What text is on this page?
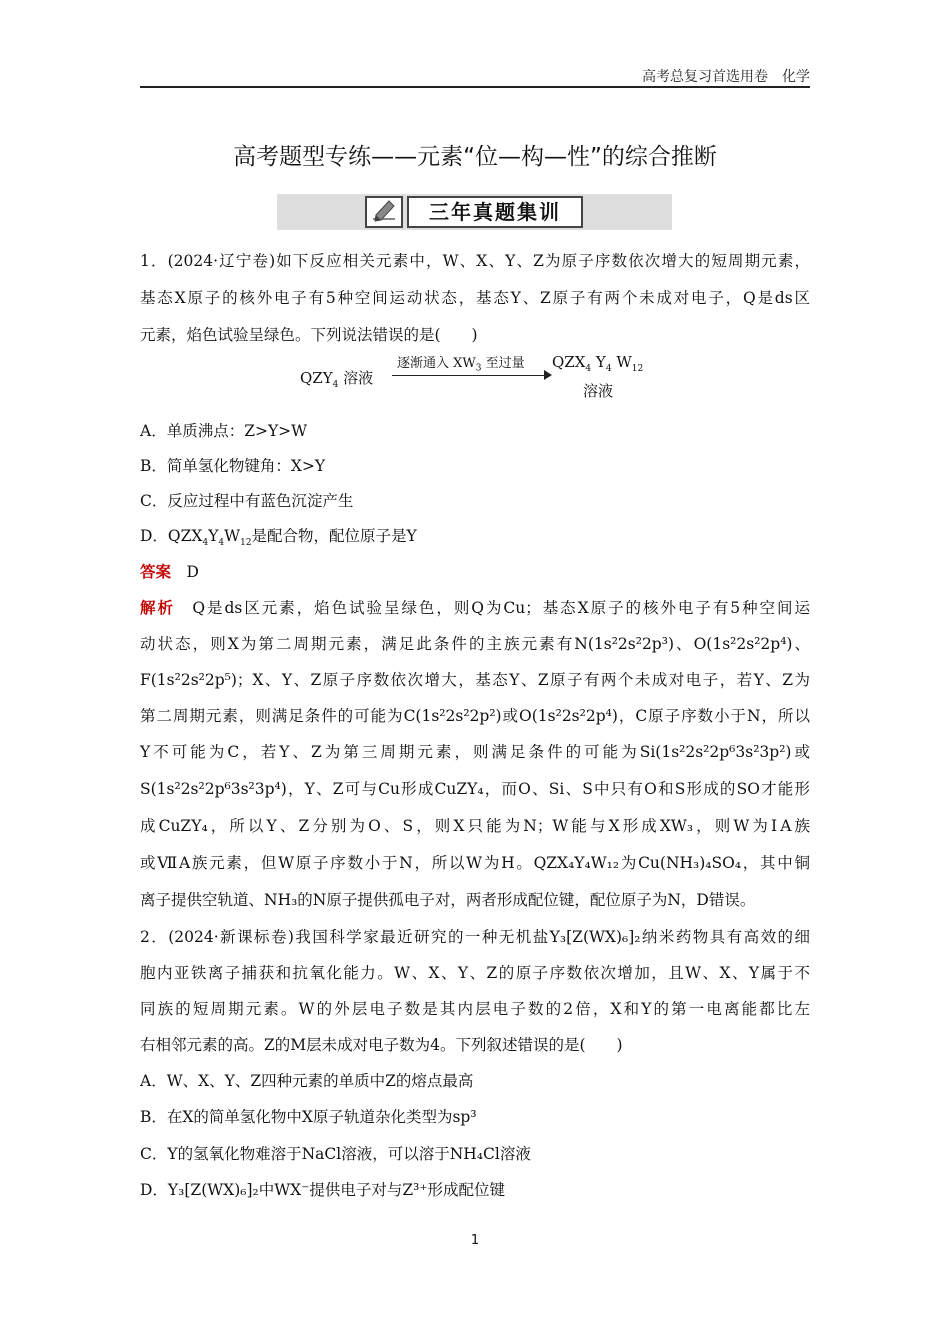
高考总复习首选用卷　化学
高考题型专练——元素“位—构—性”的综合推断
三年真题集训
1．(2024·辽宁卷)如下反应相关元素中，W、X、Y、Z为原子序数依次增大的短周期元素，
基态X原子的核外电子有5种空间运动状态，基态Y、Z原子有两个未成对电子，Q是ds区
元素，焰色试验呈绿色。下列说法错误的是(　　)
$QZY_4$ 溶液
逐渐通入 $XW_3$ 至过量 $QZX_4$ $Y_4$ $W_{12}$
溶液
A．单质沸点：Z>Y>W
B．简单氢化物键角：X>Y
C．反应过程中有蓝色沉淀产生
D．$QZX_4Y_4W_{12}$是配合物，配位原子是Y
答案　 D
解析　 Q是ds区元素，焰色试验呈绿色，则Q为Cu；基态X原子的核外电子有5种空间运
动状态，则X为第二周期元素，满足此条件的主族元素有N(1s²2s²2p³)、O(1s²2s²2p⁴)、
F(1s²2s²2p⁵)；X、Y、Z原子序数依次增大，基态Y、Z原子有两个未成对电子，若Y、Z为
第二周期元素，则满足条件的可能为C(1s²2s²2p²)或O(1s²2s²2p⁴)，C原子序数小于N，所以
Y不可能为C，若Y、Z为第三周期元素，则满足条件的可能为Si(1s²2s²2p⁶3s²3p²)或
S(1s²2s²2p⁶3s²3p⁴)，Y、Z可与Cu形成CuZY₄，而O、Si、S中只有O和S形成的SO才能形
成CuZY₄，所以Y、Z分别为O、S，则X只能为N；W能与X形成XW₃，则W为ⅠA族
或ⅦA族元素，但W原子序数小于N，所以W为H。QZX₄Y₄W₁₂为Cu(NH₃)₄SO₄，其中铜
离子提供空轨道、NH₃的N原子提供孤电子对，两者形成配位键，配位原子为N，D错误。
2．(2024·新课标卷)我国科学家最近研究的一种无机盐Y₃[Z(WX)₆]₂纳米药物具有高效的细
胞内亚铁离子捕获和抗氧化能力。W、X、Y、Z的原子序数依次增加，且W、X、Y属于不
同族的短周期元素。W的外层电子数是其内层电子数的2倍，X和Y的第一电离能都比左
右相邻元素的高。Z的M层未成对电子数为4。下列叙述错误的是(　　)
A．W、X、Y、Z四种元素的单质中Z的熔点最高
B．在X的简单氢化物中X原子轨道杂化类型为sp³
C．Y的氢氧化物难溶于NaCl溶液，可以溶于NH₄Cl溶液
D．Y₃[Z(WX)₆]₂中WX⁻提供电子对与Z³⁺形成配位键
1
